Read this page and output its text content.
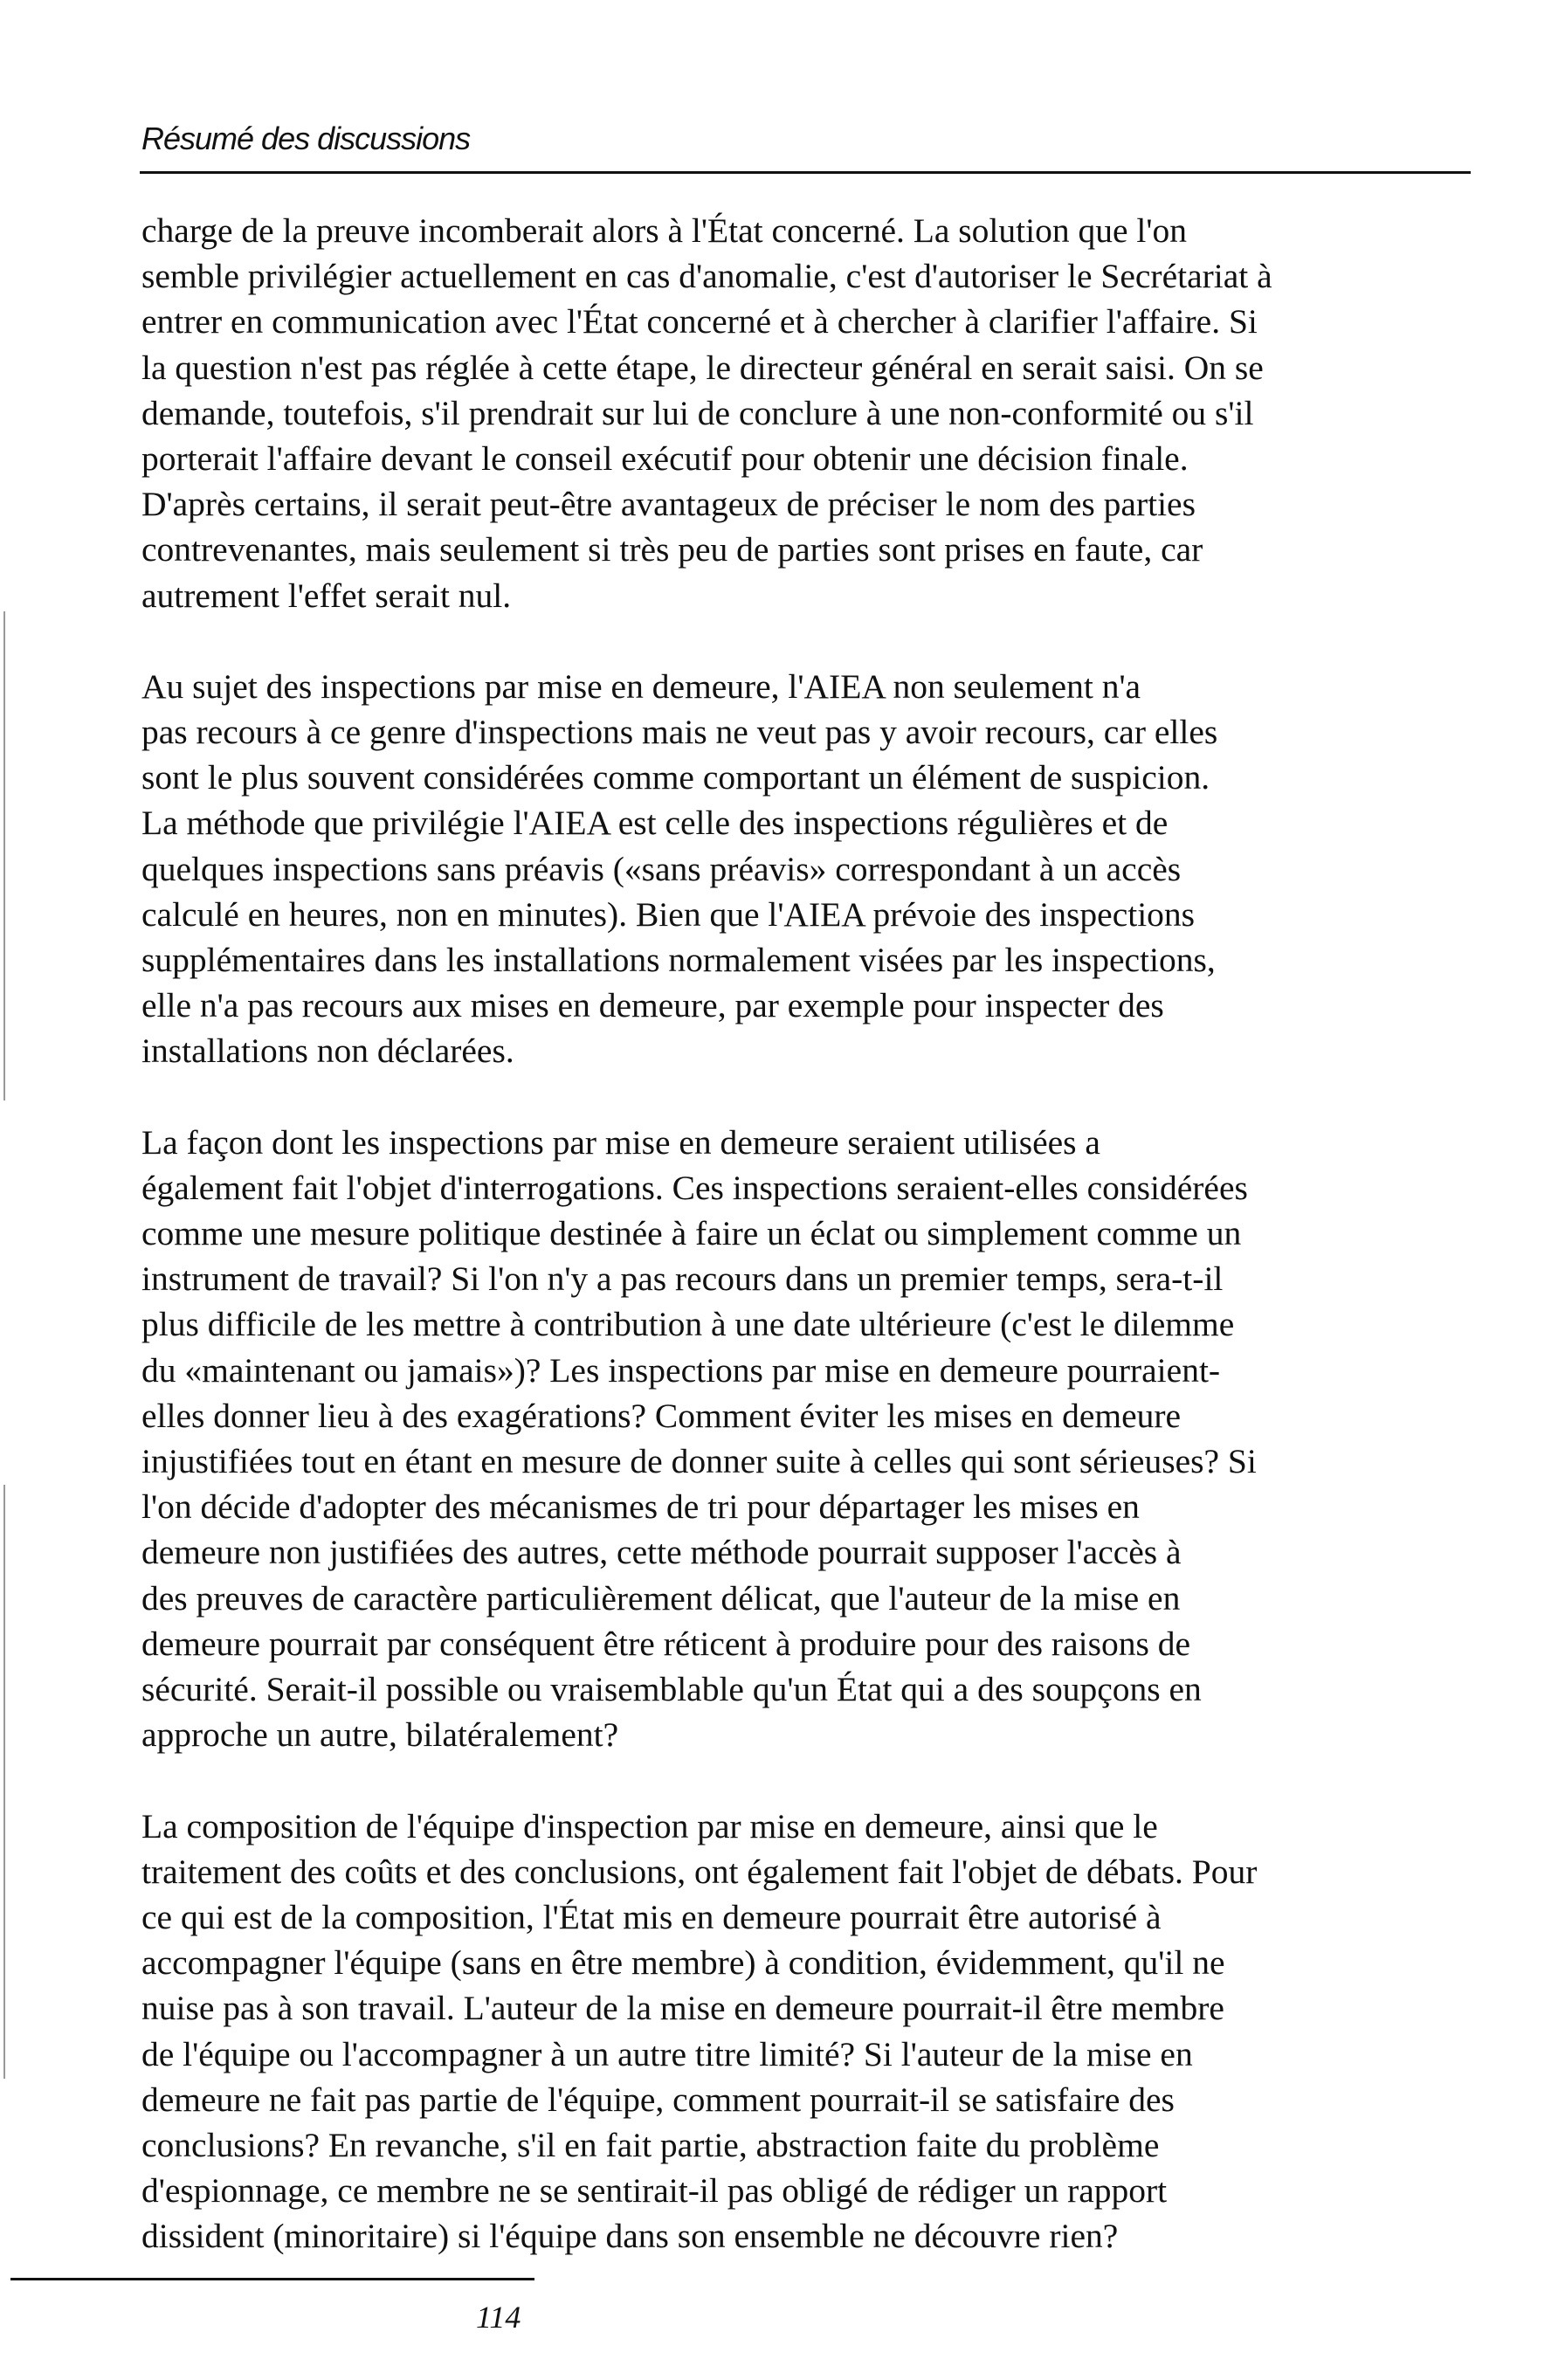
Résumé des discussions

charge de la preuve incomberait alors à l'État concerné. La solution que l'on
semble privilégier actuellement en cas d'anomalie, c'est d'autoriser le Secrétariat à
entrer en communication avec l'État concerné et à chercher à clarifier l'affaire. Si
la question n'est pas réglée à cette étape, le directeur général en serait saisi. On se
demande, toutefois, s'il prendrait sur lui de conclure à une non-conformité ou s'il
porterait l'affaire devant le conseil exécutif pour obtenir une décision finale.
D'après certains, il serait peut-être avantageux de préciser le nom des parties
contrevenantes, mais seulement si très peu de parties sont prises en faute, car
autrement l'effet serait nul.

Au sujet des inspections par mise en demeure, l'AIEA non seulement n'a
pas recours à ce genre d'inspections mais ne veut pas y avoir recours, car elles
sont le plus souvent considérées comme comportant un élément de suspicion.
La méthode que privilégie l'AIEA est celle des inspections régulières et de
quelques inspections sans préavis («sans préavis» correspondant à un accès
calculé en heures, non en minutes). Bien que l'AIEA prévoie des inspections
supplémentaires dans les installations normalement visées par les inspections,
elle n'a pas recours aux mises en demeure, par exemple pour inspecter des
installations non déclarées.

La façon dont les inspections par mise en demeure seraient utilisées a
également fait l'objet d'interrogations. Ces inspections seraient-elles considérées
comme une mesure politique destinée à faire un éclat ou simplement comme un
instrument de travail? Si l'on n'y a pas recours dans un premier temps, sera-t-il
plus difficile de les mettre à contribution à une date ultérieure (c'est le dilemme
du «maintenant ou jamais»)? Les inspections par mise en demeure pourraient-
elles donner lieu à des exagérations? Comment éviter les mises en demeure
injustifiées tout en étant en mesure de donner suite à celles qui sont sérieuses? Si
l'on décide d'adopter des mécanismes de tri pour départager les mises en
demeure non justifiées des autres, cette méthode pourrait supposer l'accès à
des preuves de caractère particulièrement délicat, que l'auteur de la mise en
demeure pourrait par conséquent être réticent à produire pour des raisons de
sécurité. Serait-il possible ou vraisemblable qu'un État qui a des soupçons en
approche un autre, bilatéralement?

La composition de l'équipe d'inspection par mise en demeure, ainsi que le
traitement des coûts et des conclusions, ont également fait l'objet de débats. Pour
ce qui est de la composition, l'État mis en demeure pourrait être autorisé à
accompagner l'équipe (sans en être membre) à condition, évidemment, qu'il ne
nuise pas à son travail. L'auteur de la mise en demeure pourrait-il être membre
de l'équipe ou l'accompagner à un autre titre limité? Si l'auteur de la mise en
demeure ne fait pas partie de l'équipe, comment pourrait-il se satisfaire des
conclusions? En revanche, s'il en fait partie, abstraction faite du problème
d'espionnage, ce membre ne se sentirait-il pas obligé de rédiger un rapport
dissident (minoritaire) si l'équipe dans son ensemble ne découvre rien?

114
